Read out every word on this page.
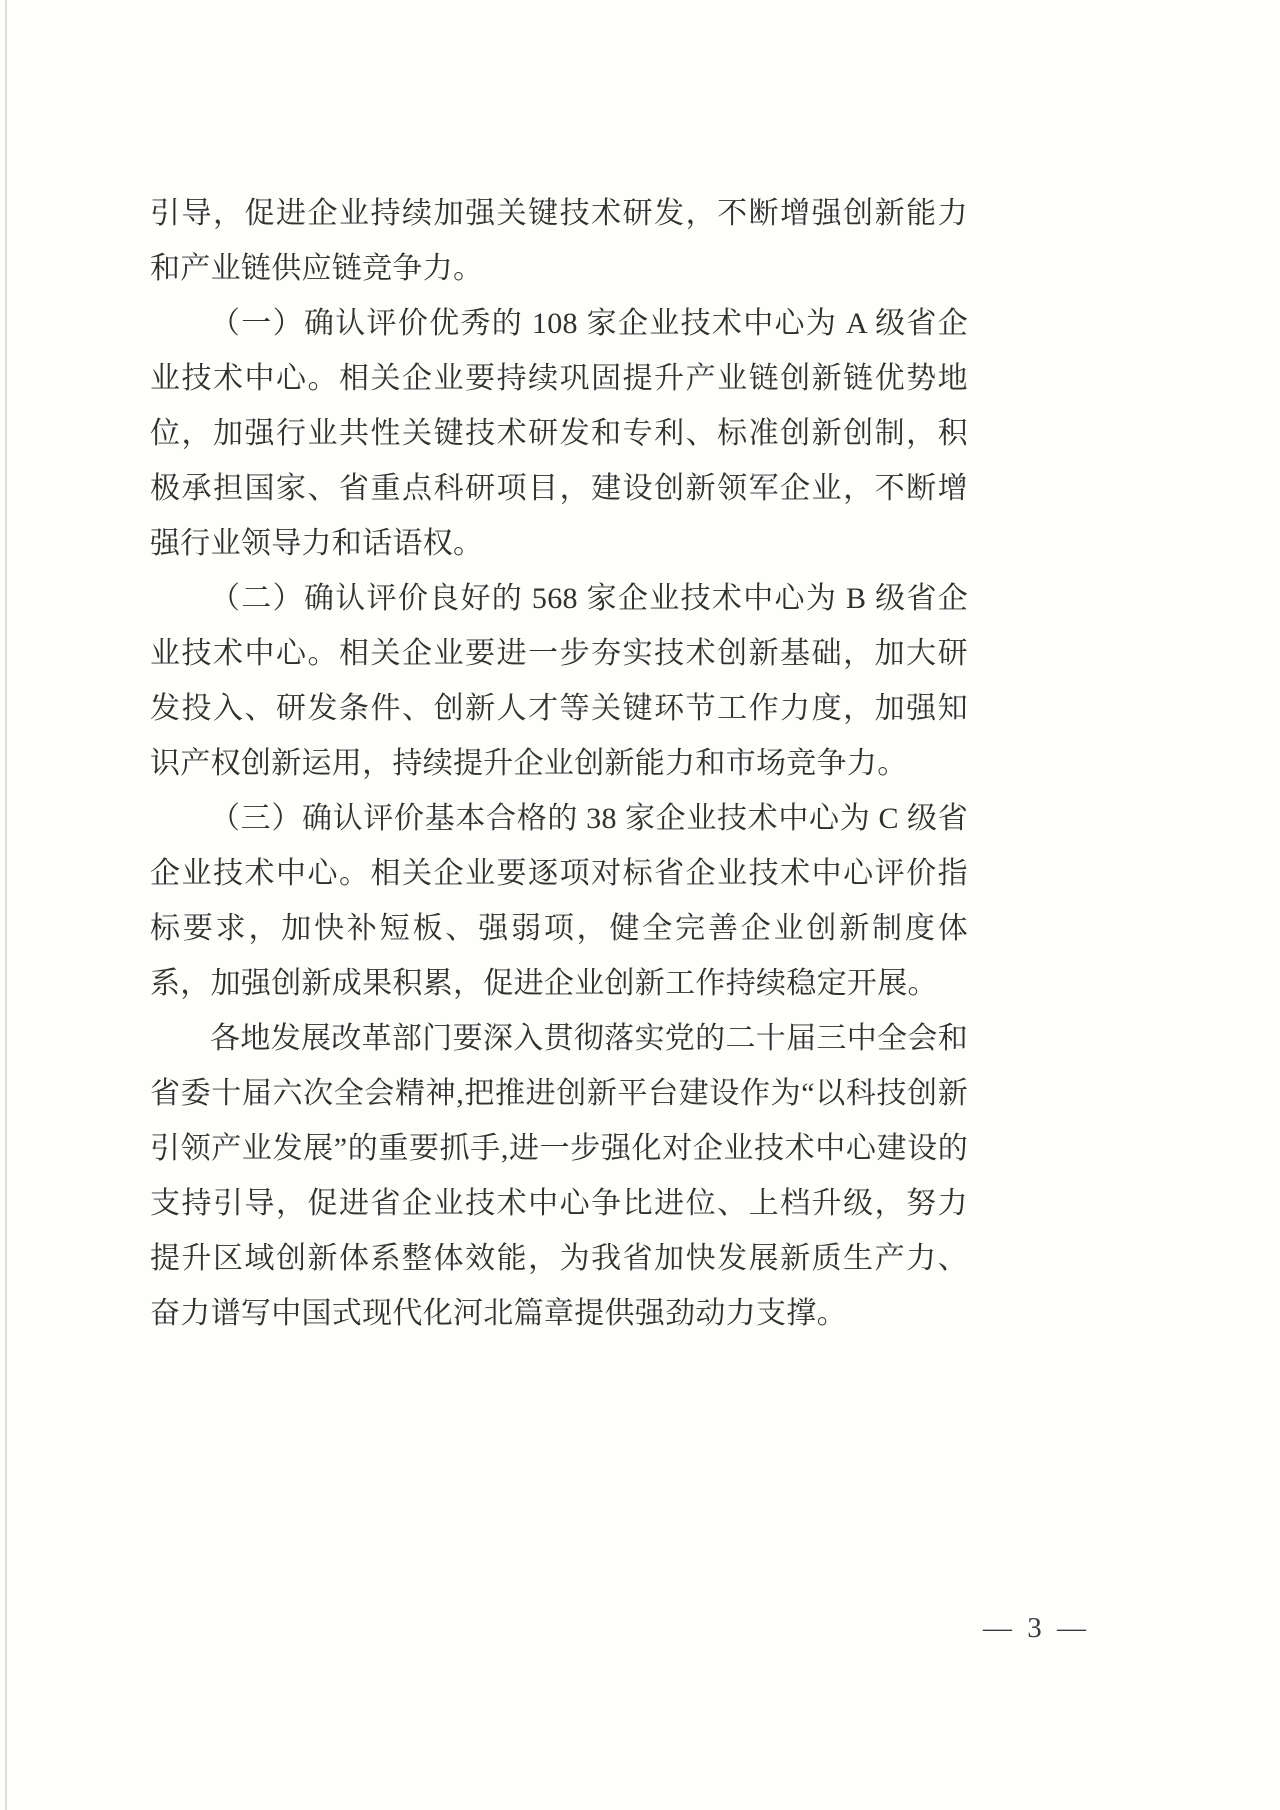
引导，促进企业持续加强关键技术研发，不断增强创新能力和产业链供应链竞争力。

（一）确认评价优秀的 108 家企业技术中心为 A 级省企业技术中心。相关企业要持续巩固提升产业链创新链优势地位，加强行业共性关键技术研发和专利、标准创新创制，积极承担国家、省重点科研项目，建设创新领军企业，不断增强行业领导力和话语权。

（二）确认评价良好的 568 家企业技术中心为 B 级省企业技术中心。相关企业要进一步夯实技术创新基础，加大研发投入、研发条件、创新人才等关键环节工作力度，加强知识产权创新运用，持续提升企业创新能力和市场竞争力。

（三）确认评价基本合格的 38 家企业技术中心为 C 级省企业技术中心。相关企业要逐项对标省企业技术中心评价指标要求，加快补短板、强弱项，健全完善企业创新制度体系，加强创新成果积累，促进企业创新工作持续稳定开展。

各地发展改革部门要深入贯彻落实党的二十届三中全会和省委十届六次全会精神,把推进创新平台建设作为“以科技创新引领产业发展”的重要抓手,进一步强化对企业技术中心建设的支持引导，促进省企业技术中心争比进位、上档升级，努力提升区域创新体系整体效能，为我省加快发展新质生产力、奋力谱写中国式现代化河北篇章提供强劲动力支撑。

— 3 —
